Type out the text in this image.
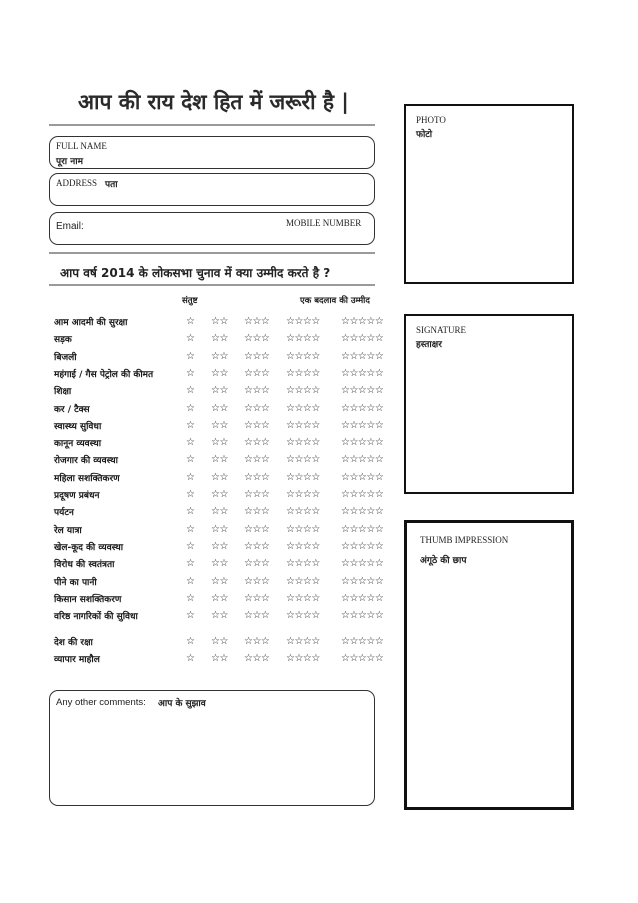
आप की राय देश हित में जरूरी है |
FULL NAME
पूरा नाम
ADDRESS पता
Email:	MOBILE NUMBER
आप वर्ष 2014 के लोकसभा चुनाव में क्या उम्मीद करते है ?
संतुष्ट	एक बदलाव की उम्मीद
आम आदमी की सुरक्षा	☆ ☆☆ ☆☆☆ ☆☆☆☆ ☆☆☆☆☆
सड़क	☆ ☆☆ ☆☆☆ ☆☆☆☆ ☆☆☆☆☆
बिजली	☆ ☆☆ ☆☆☆ ☆☆☆☆ ☆☆☆☆☆
महंगाई / गैस पेट्रोल की कीमत	☆ ☆☆ ☆☆☆ ☆☆☆☆ ☆☆☆☆☆
शिक्षा	☆ ☆☆ ☆☆☆ ☆☆☆☆ ☆☆☆☆☆
कर / टैक्स	☆ ☆☆ ☆☆☆ ☆☆☆☆ ☆☆☆☆☆
स्वास्थ्य सुविधा	☆ ☆☆ ☆☆☆ ☆☆☆☆ ☆☆☆☆☆
कानून व्यवस्था	☆ ☆☆ ☆☆☆ ☆☆☆☆ ☆☆☆☆☆
रोजगार की व्यवस्था	☆ ☆☆ ☆☆☆ ☆☆☆☆ ☆☆☆☆☆
महिला सशक्तिकरण	☆ ☆☆ ☆☆☆ ☆☆☆☆ ☆☆☆☆☆
प्रदूषण प्रबंधन	☆ ☆☆ ☆☆☆ ☆☆☆☆ ☆☆☆☆☆
पर्यटन	☆ ☆☆ ☆☆☆ ☆☆☆☆ ☆☆☆☆☆
रेल यात्रा	☆ ☆☆ ☆☆☆ ☆☆☆☆ ☆☆☆☆☆
खेल-कूद की व्यवस्था	☆ ☆☆ ☆☆☆ ☆☆☆☆ ☆☆☆☆☆
विरोध की स्वतंत्रता	☆ ☆☆ ☆☆☆ ☆☆☆☆ ☆☆☆☆☆
पीने का पानी	☆ ☆☆ ☆☆☆ ☆☆☆☆ ☆☆☆☆☆
किसान सशक्तिकरण	☆ ☆☆ ☆☆☆ ☆☆☆☆ ☆☆☆☆☆
वरिष्ठ नागरिकों की सुविधा	☆ ☆☆ ☆☆☆ ☆☆☆☆ ☆☆☆☆☆
देश की रक्षा	☆ ☆☆ ☆☆☆ ☆☆☆☆ ☆☆☆☆☆
व्यापार माहौल	☆ ☆☆ ☆☆☆ ☆☆☆☆ ☆☆☆☆☆
Any other comments: आप के सुझाव
PHOTO
फोटो
SIGNATURE
हस्ताक्षर
THUMB IMPRESSION
अंगूठे की छाप
